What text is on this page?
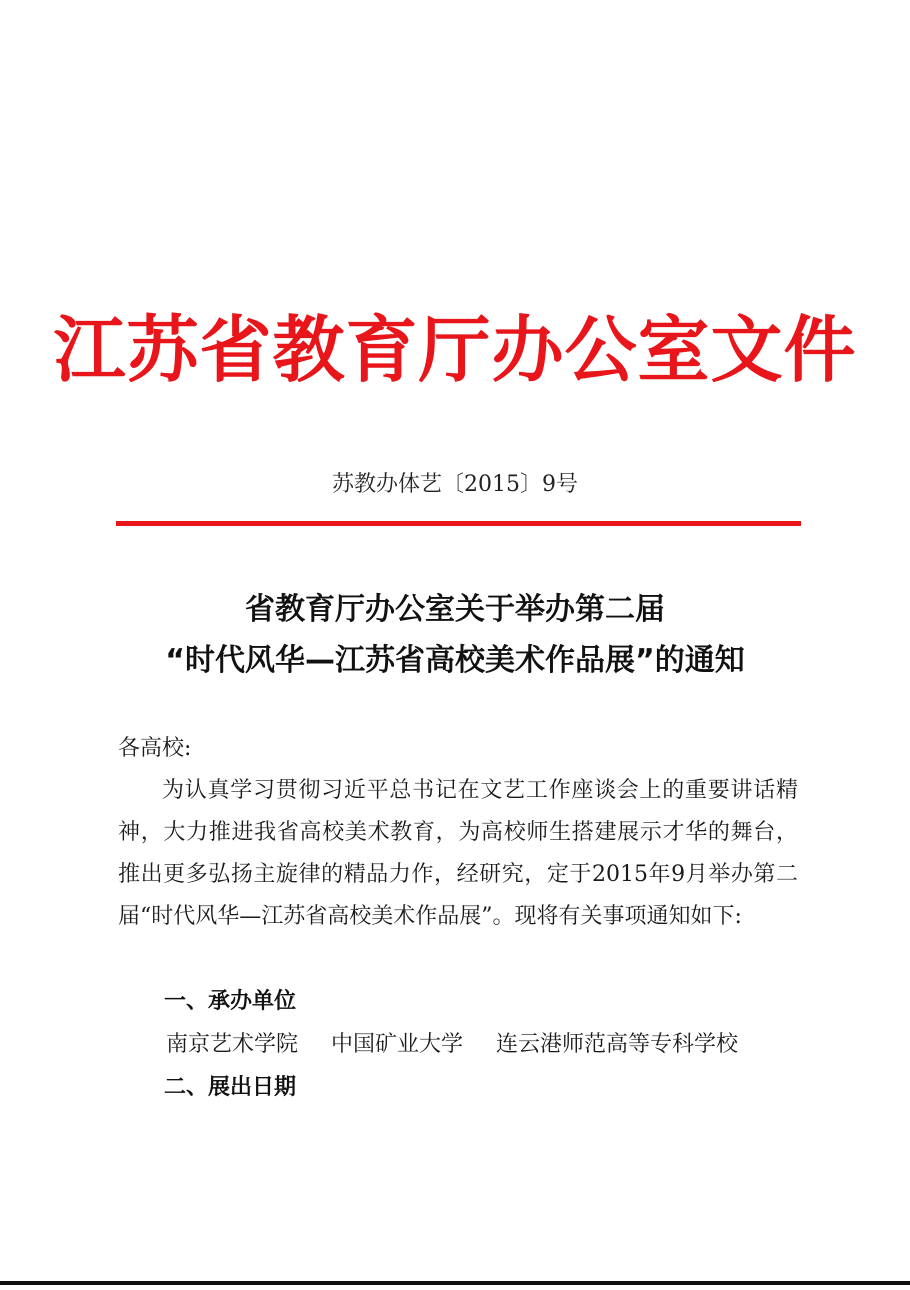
江苏省教育厅办公室文件
苏教办体艺〔2015〕9号
省教育厅办公室关于举办第二届
“时代风华—江苏省高校美术作品展”的通知
各高校:
为认真学习贯彻习近平总书记在文艺工作座谈会上的重要讲话精神，大力推进我省高校美术教育，为高校师生搭建展示才华的舞台，推出更多弘扬主旋律的精品力作，经研究，定于2015年9月举办第二届“时代风华—江苏省高校美术作品展”。现将有关事项通知如下:
一、承办单位
南京艺术学院 中国矿业大学 连云港师范高等专科学校
二、展出日期
